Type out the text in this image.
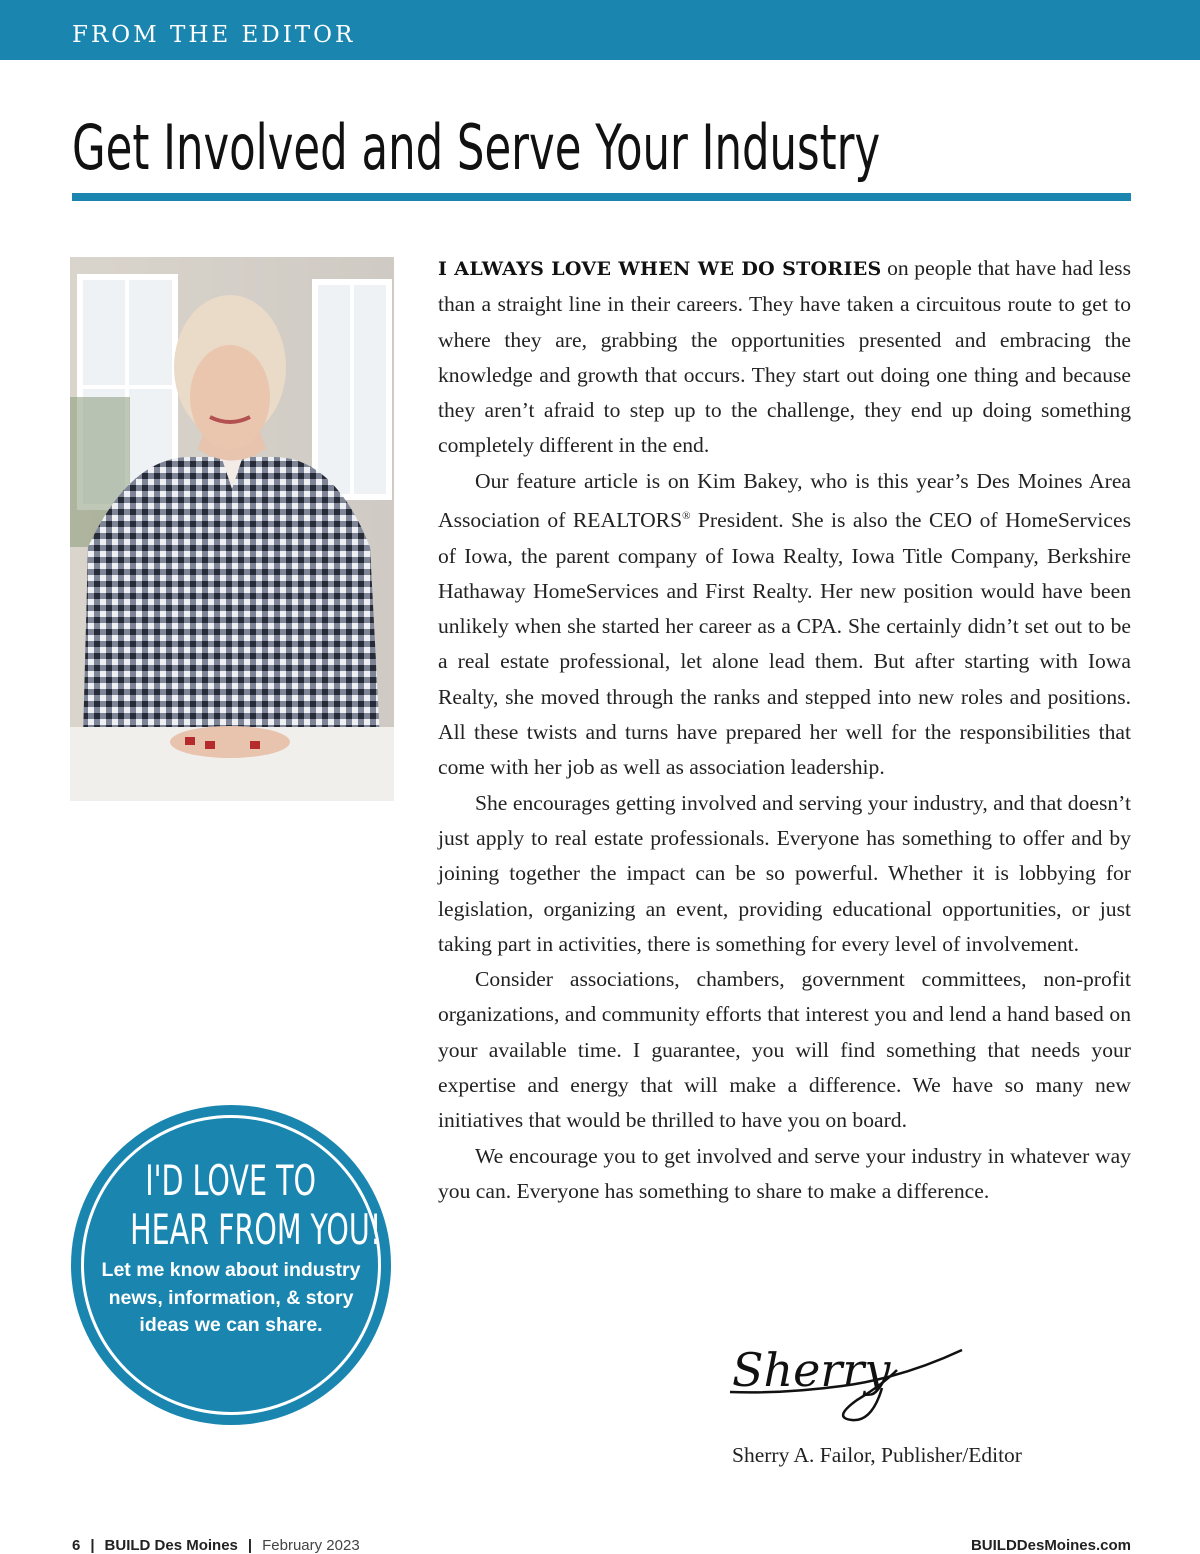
FROM THE EDITOR
Get Involved and Serve Your Industry

I ALWAYS LOVE WHEN WE DO STORIES on people that have had less than a straight line in their careers. They have taken a circuitous route to get to where they are, grabbing the opportunities presented and embracing the knowledge and growth that occurs. They start out doing one thing and because they aren’t afraid to step up to the challenge, they end up doing something completely different in the end.

Our feature article is on Kim Bakey, who is this year’s Des Moines Area Association of REALTORS® President. She is also the CEO of HomeServices of Iowa, the parent company of Iowa Realty, Iowa Title Company, Berkshire Hathaway HomeServices and First Realty. Her new position would have been unlikely when she started her career as a CPA. She certainly didn’t set out to be a real estate professional, let alone lead them. But after starting with Iowa Realty, she moved through the ranks and stepped into new roles and positions. All these twists and turns have prepared her well for the responsibilities that come with her job as well as association leadership.

She encourages getting involved and serving your industry, and that doesn’t just apply to real estate professionals. Everyone has something to offer and by joining together the impact can be so powerful. Whether it is lobbying for legislation, organizing an event, providing educational opportunities, or just taking part in activities, there is something for every level of involvement.

Consider associations, chambers, government committees, non-profit organizations, and community efforts that interest you and lend a hand based on your available time. I guarantee, you will find something that needs your expertise and energy that will make a difference. We have so many new initiatives that would be thrilled to have you on board.

We encourage you to get involved and serve your industry in whatever way you can. Everyone has something to share to make a difference.

I'D LOVE TO
HEAR FROM YOU!
Let me know about industry news, information, & story ideas we can share.
Sherry
Sherry A. Failor, Publisher/Editor
6 | BUILD Des Moines | February 2023	BUILDDesMoines.com
